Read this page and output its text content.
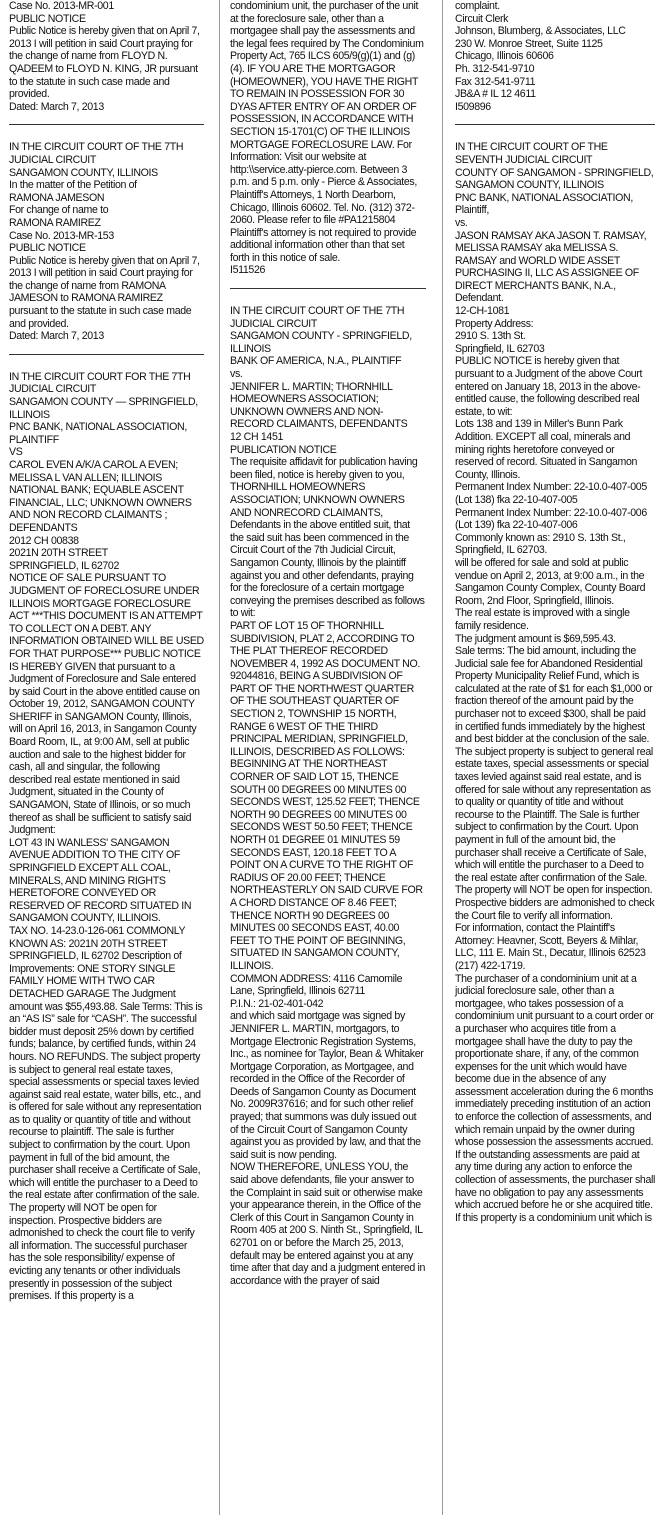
Case No. 2013-MR-001
PUBLIC NOTICE
Public Notice is hereby given that on April 7, 2013 I will petition in said Court praying for the change of name from FLOYD N. QADEEM to FLOYD N. KING, JR pursuant to the statute in such case made and provided.
Dated: March 7, 2013

IN THE CIRCUIT COURT OF THE 7TH JUDICIAL CIRCUIT
SANGAMON COUNTY, ILLINOIS
In the matter of the Petition of
RAMONA JAMESON
For change of name to
RAMONA RAMIREZ
Case No. 2013-MR-153
PUBLIC NOTICE
Public Notice is hereby given that on April 7, 2013 I will petition in said Court praying for the change of name from RAMONA JAMESON to RAMONA RAMIREZ
pursuant to the statute in such case made and provided.
Dated: March 7, 2013

IN THE CIRCUIT COURT FOR THE 7TH JUDICIAL CIRCUIT
SANGAMON COUNTY — SPRINGFIELD, ILLINOIS
PNC BANK, NATIONAL ASSOCIATION, PLAINTIFF
VS
CAROL EVEN A/K/A CAROL A EVEN; MELISSA L VAN ALLEN; ILLINOIS NATIONAL BANK; EQUABLE ASCENT FINANCIAL, LLC; UNKNOWN OWNERS AND NON RECORD CLAIMANTS ; DEFENDANTS
2012 CH 00838
2021N 20TH STREET
SPRINGFIELD, IL 62702
NOTICE OF SALE PURSUANT TO JUDGMENT OF FORECLOSURE UNDER ILLINOIS MORTGAGE FORECLOSURE ACT ***THIS DOCUMENT IS AN ATTEMPT TO COLLECT ON A DEBT. ANY INFORMATION OBTAINED WILL BE USED FOR THAT PURPOSE*** PUBLIC NOTICE IS HEREBY GIVEN that pursuant to a Judgment of Foreclosure and Sale entered by said Court in the above entitled cause on October 19, 2012, SANGAMON COUNTY SHERIFF in SANGAMON County, Illinois, will on April 16, 2013, in Sangamon County Board Room, IL, at 9:00 AM, sell at public auction and sale to the highest bidder for cash, all and singular, the following described real estate mentioned in said Judgment, situated in the County of SANGAMON, State of Illinois, or so much thereof as shall be sufficient to satisfy said Judgment:
LOT 43 IN WANLESS' SANGAMON AVENUE ADDITION TO THE CITY OF SPRINGFIELD EXCEPT ALL COAL, MINERALS, AND MINING RIGHTS HERETOFORE CONVEYED OR RESERVED OF RECORD SITUATED IN SANGAMON COUNTY, ILLINOIS.
TAX NO. 14-23.0-126-061 COMMONLY KNOWN AS: 2021N 20TH STREET SPRINGFIELD, IL 62702 Description of Improvements: ONE STORY SINGLE FAMILY HOME WITH TWO CAR DETACHED GARAGE The Judgment amount was $55,493.88. Sale Terms: This is an “AS IS” sale for “CASH”. The successful bidder must deposit 25% down by certified funds; balance, by certified funds, within 24 hours. NO REFUNDS. The subject property is subject to general real estate taxes, special assessments or special taxes levied against said real estate, water bills, etc., and is offered for sale without any representation as to quality or quantity of title and without recourse to plaintiff. The sale is further subject to confirmation by the court. Upon payment in full of the bid amount, the purchaser shall receive a Certificate of Sale, which will entitle the purchaser to a Deed to the real estate after confirmation of the sale. The property will NOT be open for inspection. Prospective bidders are admonished to check the court file to verify all information. The successful purchaser has the sole responsibility/ expense of evicting any tenants or other individuals presently in possession of the subject premises. If this property is a

condominium unit, the purchaser of the unit at the foreclosure sale, other than a mortgagee shall pay the assessments and the legal fees required by The Condominium Property Act, 765 ILCS 605/9(g)(1) and (g)(4). IF YOU ARE THE MORTGAGOR (HOMEOWNER), YOU HAVE THE RIGHT TO REMAIN IN POSSESSION FOR 30 DYAS AFTER ENTRY OF AN ORDER OF POSSESSION, IN ACCORDANCE WITH SECTION 15-1701(C) OF THE ILLINOIS MORTGAGE FORECLOSURE LAW. For Information: Visit our website at http:\\service.atty-pierce.com. Between 3 p.m. and 5 p.m. only - Pierce & Associates, Plaintiff's Attorneys, 1 North Dearborn, Chicago, Illinois 60602. Tel. No. (312) 372-2060. Please refer to file #PA1215804 Plaintiff's attorney is not required to provide additional information other than that set forth in this notice of sale.
I511526

IN THE CIRCUIT COURT OF THE 7TH JUDICIAL CIRCUIT
SANGAMON COUNTY - SPRINGFIELD, ILLINOIS
BANK OF AMERICA, N.A., PLAINTIFF
vs.
JENNIFER L. MARTIN; THORNHILL HOMEOWNERS ASSOCIATION; UNKNOWN OWNERS AND NON-RECORD CLAIMANTS, DEFENDANTS
12 CH 1451
PUBLICATION NOTICE
The requisite affidavit for publication having been filed, notice is hereby given to you, THORNHILL HOMEOWNERS ASSOCIATION; UNKNOWN OWNERS AND NONRECORD CLAIMANTS, Defendants in the above entitled suit, that the said suit has been commenced in the Circuit Court of the 7th Judicial Circuit, Sangamon County, Illinois by the plaintiff against you and other defendants, praying for the foreclosure of a certain mortgage conveying the premises described as follows to wit:
PART OF LOT 15 OF THORNHILL SUBDIVISION, PLAT 2, ACCORDING TO THE PLAT THEREOF RECORDED NOVEMBER 4, 1992 AS DOCUMENT NO. 92044816, BEING A SUBDIVISION OF PART OF THE NORTHWEST QUARTER OF THE SOUTHEAST QUARTER OF SECTION 2, TOWNSHIP 15 NORTH, RANGE 6 WEST OF THE THIRD PRINCIPAL MERIDIAN, SPRINGFIELD, ILLINOIS, DESCRIBED AS FOLLOWS:
BEGINNING AT THE NORTHEAST CORNER OF SAID LOT 15, THENCE SOUTH 00 DEGREES 00 MINUTES 00 SECONDS WEST, 125.52 FEET; THENCE NORTH 90 DEGREES 00 MINUTES 00 SECONDS WEST 50.50 FEET; THENCE NORTH 01 DEGREE 01 MINUTES 59 SECONDS EAST, 120.18 FEET TO A POINT ON A CURVE TO THE RIGHT OF RADIUS OF 20.00 FEET; THENCE NORTHEASTERLY ON SAID CURVE FOR A CHORD DISTANCE OF 8.46 FEET; THENCE NORTH 90 DEGREES 00 MINUTES 00 SECONDS EAST, 40.00 FEET TO THE POINT OF BEGINNING, SITUATED IN SANGAMON COUNTY, ILLINOIS.
COMMON ADDRESS: 4116 Camomile Lane, Springfield, Illinois 62711
P.I.N.: 21-02-401-042
and which said mortgage was signed by JENNIFER L. MARTIN, mortgagors, to Mortgage Electronic Registration Systems, Inc., as nominee for Taylor, Bean & Whitaker Mortgage Corporation, as Mortgagee, and recorded in the Office of the Recorder of Deeds of Sangamon County as Document No. 2009R37616; and for such other relief prayed; that summons was duly issued out of the Circuit Court of Sangamon County against you as provided by law, and that the said suit is now pending.
NOW THEREFORE, UNLESS YOU, the said above defendants, file your answer to the Complaint in said suit or otherwise make your appearance therein, in the Office of the Clerk of this Court in Sangamon County in Room 405 at 200 S. Ninth St., Springfield, IL 62701 on or before the March 25, 2013, default may be entered against you at any time after that day and a judgment entered in accordance with the prayer of said

complaint.
Circuit Clerk
Johnson, Blumberg, & Associates, LLC
230 W. Monroe Street, Suite 1125
Chicago, Illinois 60606
Ph. 312-541-9710
Fax 312-541-9711
JB&A # IL 12 4611
I509896

IN THE CIRCUIT COURT OF THE SEVENTH JUDICIAL CIRCUIT
COUNTY OF SANGAMON - SPRINGFIELD, SANGAMON COUNTY, ILLINOIS
PNC BANK, NATIONAL ASSOCIATION,
Plaintiff,
vs.
JASON RAMSAY AKA JASON T. RAMSAY, MELISSA RAMSAY aka MELISSA S. RAMSAY and WORLD WIDE ASSET PURCHASING II, LLC AS ASSIGNEE OF DIRECT MERCHANTS BANK, N.A.,
Defendant.
12-CH-1081
Property Address:
2910 S. 13th St.
Springfield, IL 62703
PUBLIC NOTICE is hereby given that pursuant to a Judgment of the above Court entered on January 18, 2013 in the above-entitled cause, the following described real estate, to wit:
Lots 138 and 139 in Miller's Bunn Park Addition. EXCEPT all coal, minerals and mining rights heretofore conveyed or reserved of record. Situated in Sangamon County, Illinois.
Permanent Index Number: 22-10.0-407-005 (Lot 138) fka 22-10-407-005
Permanent Index Number: 22-10.0-407-006 (Lot 139) fka 22-10-407-006
Commonly known as: 2910 S. 13th St., Springfield, IL 62703.
will be offered for sale and sold at public vendue on April 2, 2013, at 9:00 a.m., in the Sangamon County Complex, County Board Room, 2nd Floor, Springfield, Illinois.
The real estate is improved with a single family residence.
The judgment amount is $69,595.43.
Sale terms: The bid amount, including the Judicial sale fee for Abandoned Residential Property Municipality Relief Fund, which is calculated at the rate of $1 for each $1,000 or fraction thereof of the amount paid by the purchaser not to exceed $300, shall be paid in certified funds immediately by the highest and best bidder at the conclusion of the sale. The subject property is subject to general real estate taxes, special assessments or special taxes levied against said real estate, and is offered for sale without any representation as to quality or quantity of title and without recourse to the Plaintiff. The Sale is further subject to confirmation by the Court. Upon payment in full of the amount bid, the purchaser shall receive a Certificate of Sale, which will entitle the purchaser to a Deed to the real estate after confirmation of the Sale.
The property will NOT be open for inspection. Prospective bidders are admonished to check the Court file to verify all information.
For information, contact the Plaintiff's Attorney: Heavner, Scott, Beyers & Mihlar, LLC, 111 E. Main St., Decatur, Illinois 62523 (217) 422-1719.
The purchaser of a condominium unit at a judicial foreclosure sale, other than a mortgagee, who takes possession of a condominium unit pursuant to a court order or a purchaser who acquires title from a mortgagee shall have the duty to pay the proportionate share, if any, of the common expenses for the unit which would have become due in the absence of any assessment acceleration during the 6 months immediately preceding institution of an action to enforce the collection of assessments, and which remain unpaid by the owner during whose possession the assessments accrued. If the outstanding assessments are paid at any time during any action to enforce the collection of assessments, the purchaser shall have no obligation to pay any assessments which accrued before he or she acquired title. If this property is a condominium unit which is
